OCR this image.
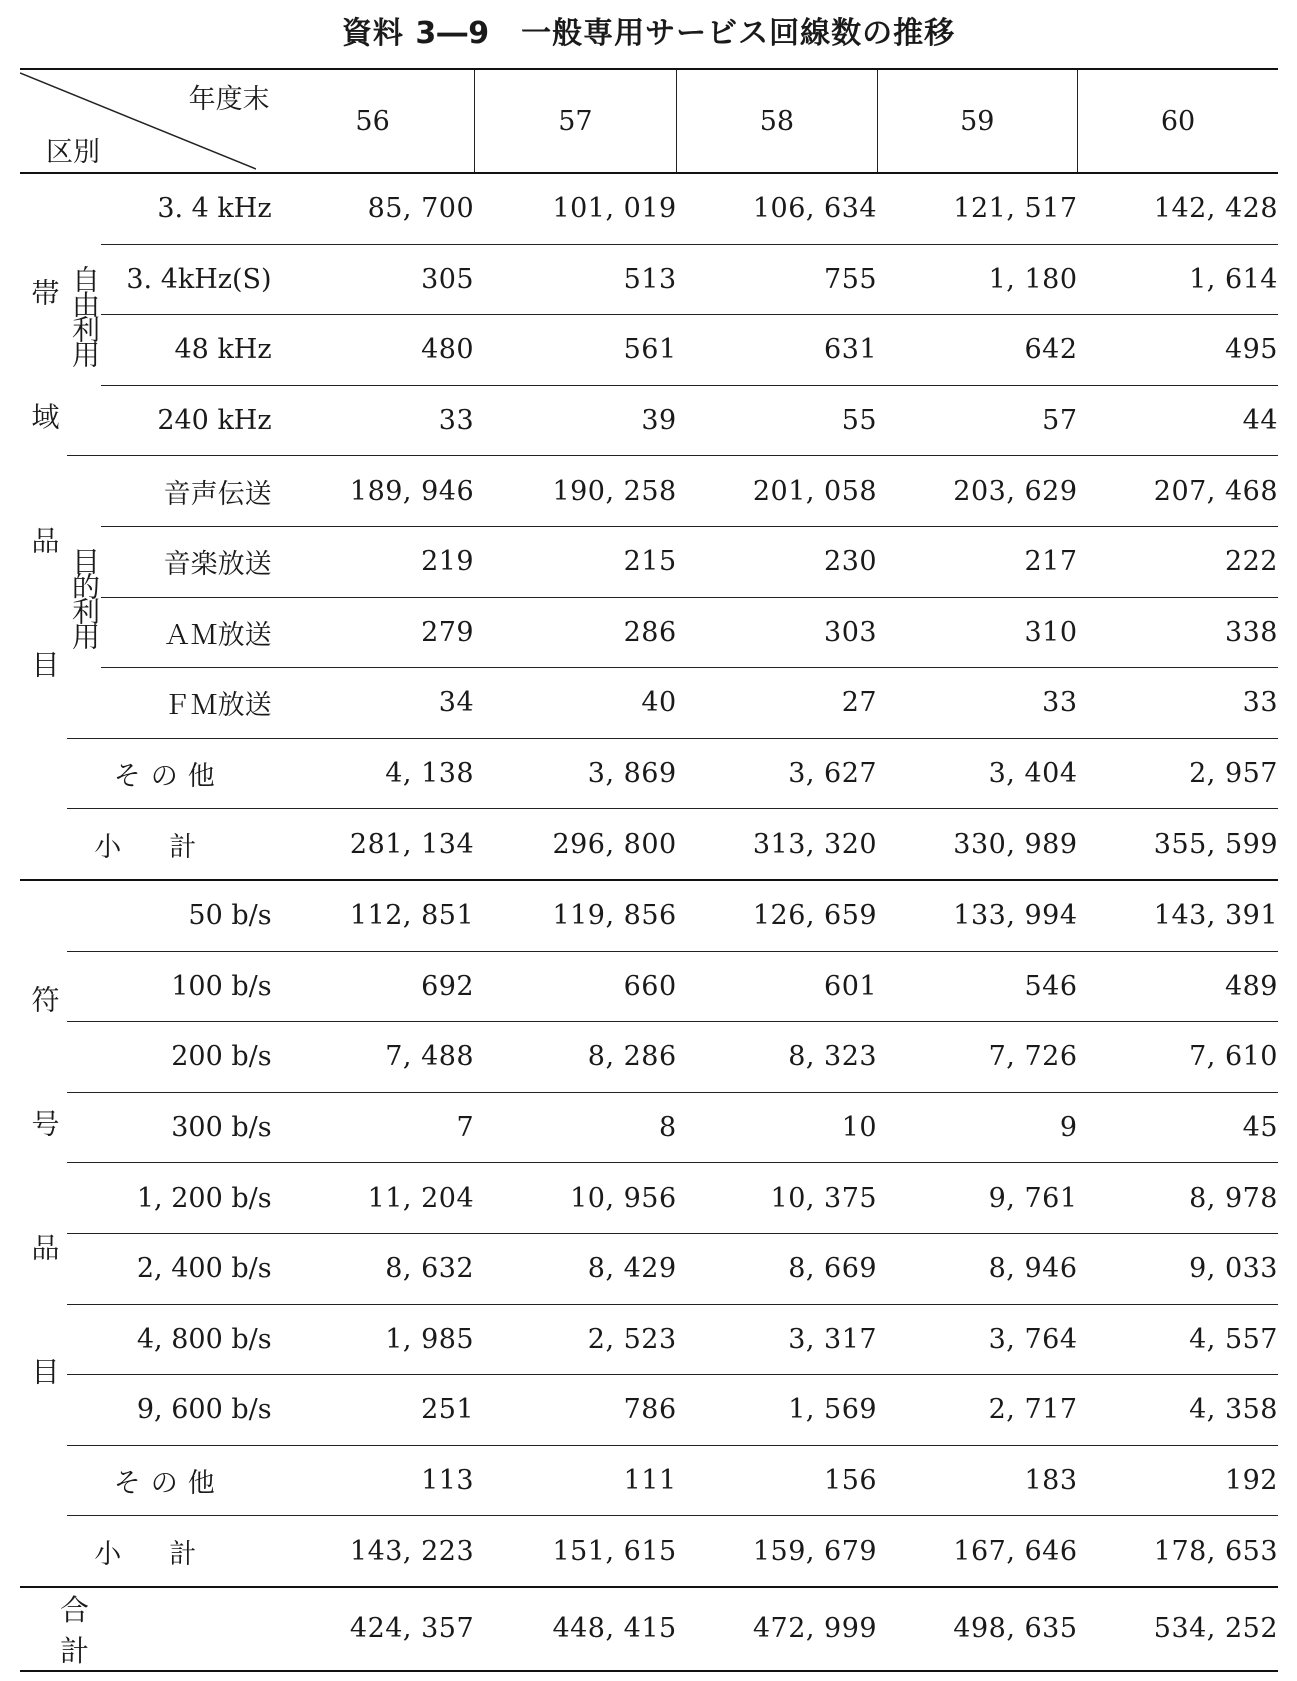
資料 3―9　一般専用サービス回線数の推移
年度末
区別			56	57	58	59	60

帯域品目	自由利用	3. 4 kHz	85, 700	101, 019	106, 634	121, 517	142, 428
		3. 4kHz(S)	305	513	755	1, 180	1, 614
		48 kHz	480	561	631	642	495
		240 kHz	33	39	55	57	44

	目的利用	音声伝送	189, 946	190, 258	201, 058	203, 629	207, 468
		音楽放送	219	215	230	217	222
		ＡＭ放送	279	286	303	310	338
		ＦＭ放送	34	40	27	33	33
	その他		4, 138	3, 869	3, 627	3, 404	2, 957
	小計		281, 134	296, 800	313, 320	330, 989	355, 599

符号品目	50 b/s		112, 851	119, 856	126, 659	133, 994	143, 391
	100 b/s		692	660	601	546	489
	200 b/s		7, 488	8, 286	8, 323	7, 726	7, 610
	300 b/s		7	8	10	9	45
	1, 200 b/s		11, 204	10, 956	10, 375	9, 761	8, 978
	2, 400 b/s		8, 632	8, 429	8, 669	8, 946	9, 033
	4, 800 b/s		1, 985	2, 523	3, 317	3, 764	4, 557
	9, 600 b/s		251	786	1, 569	2, 717	4, 358
	その他		113	111	156	183	192
	小計		143, 223	151, 615	159, 679	167, 646	178, 653
合計			424, 357	448, 415	472, 999	498, 635	534, 252
